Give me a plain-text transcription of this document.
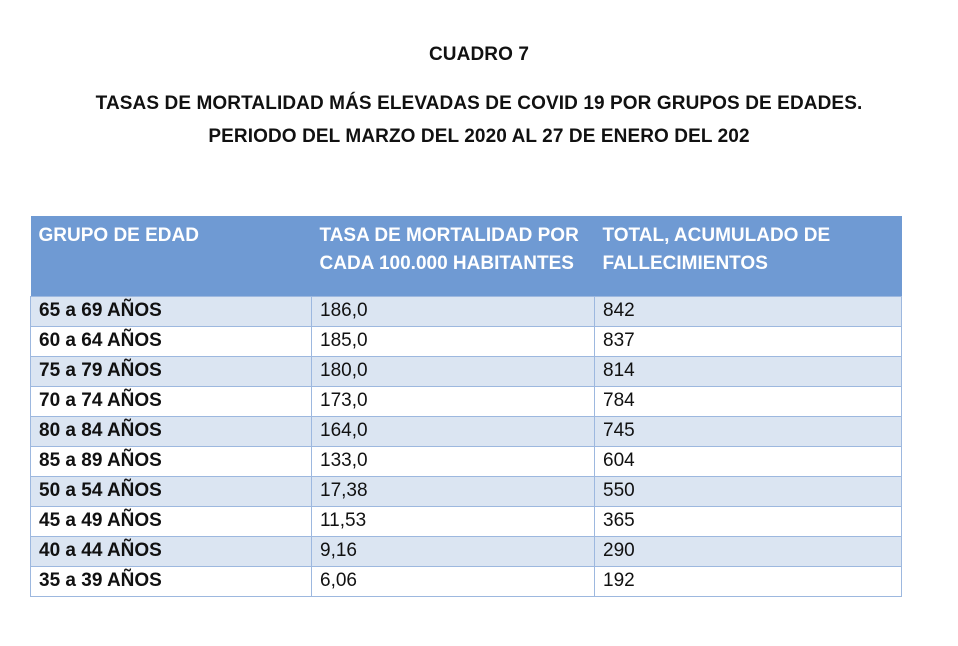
CUADRO 7
TASAS DE MORTALIDAD MÁS ELEVADAS DE COVID 19 POR GRUPOS DE EDADES.
PERIODO DEL MARZO DEL 2020 AL 27 DE ENERO DEL 202
GRUPO DE EDAD	TASA DE MORTALIDAD POR CADA 100.000 HABITANTES	TOTAL, ACUMULADO DE FALLECIMIENTOS
65 a 69 AÑOS	186,0	842
60 a 64 AÑOS	185,0	837
75 a 79 AÑOS	180,0	814
70 a 74 AÑOS	173,0	784
80 a 84 AÑOS	164,0	745
85 a 89 AÑOS	133,0	604
50 a 54 AÑOS	17,38	550
45 a 49 AÑOS	11,53	365
40 a 44 AÑOS	9,16	290
35 a 39 AÑOS	6,06	192
